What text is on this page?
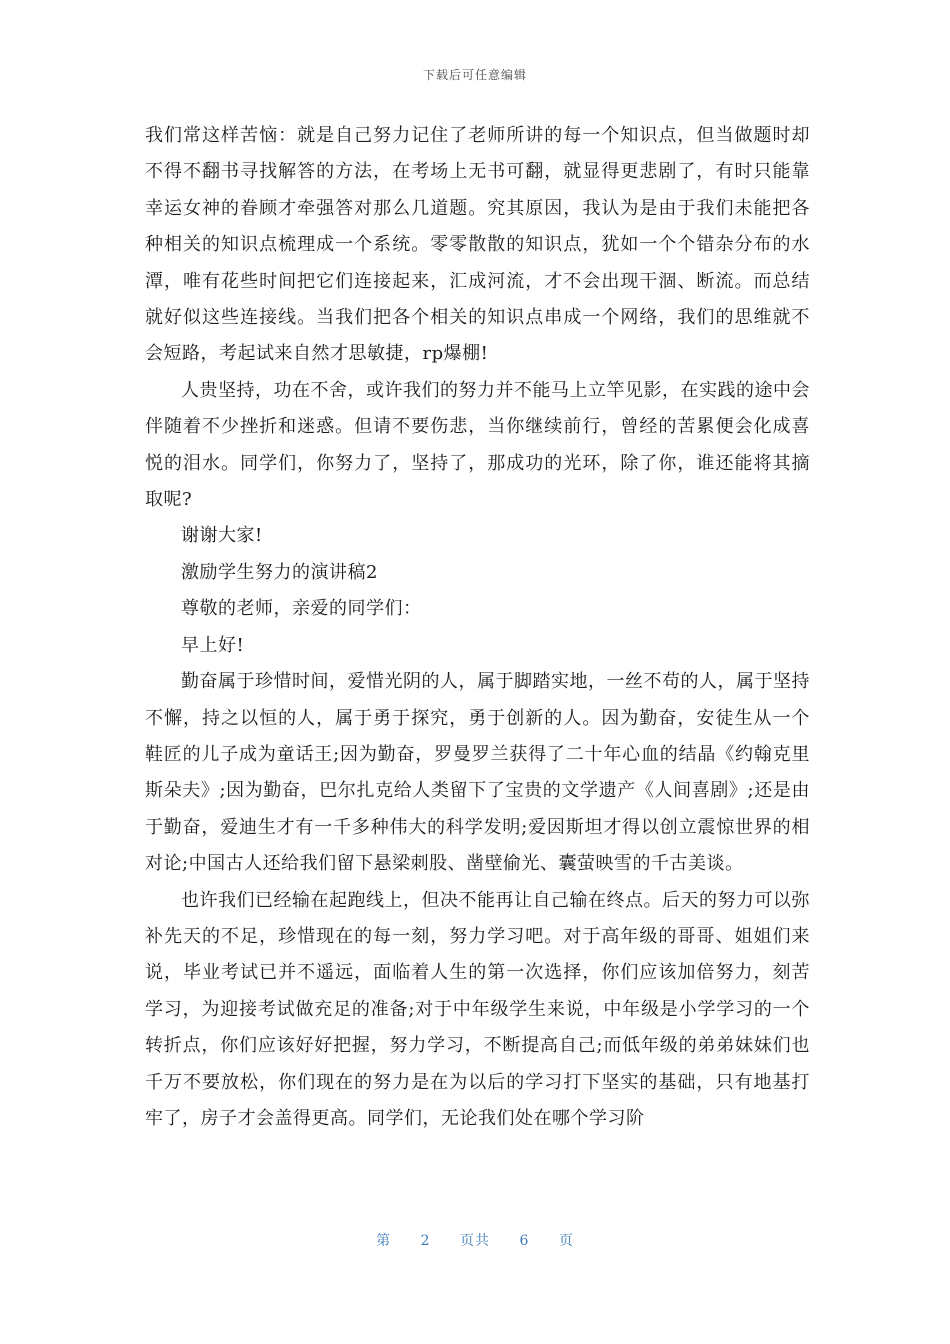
下载后可任意编辑

我们常这样苦恼：就是自己努力记住了老师所讲的每一个知识点，但当做题时却不得不翻书寻找解答的方法，在考场上无书可翻，就显得更悲剧了，有时只能靠幸运女神的眷顾才牵强答对那么几道题。究其原因，我认为是由于我们未能把各种相关的知识点梳理成一个系统。零零散散的知识点，犹如一个个错杂分布的水潭，唯有花些时间把它们连接起来，汇成河流，才不会出现干涸、断流。而总结就好似这些连接线。当我们把各个相关的知识点串成一个网络，我们的思维就不会短路，考起试来自然才思敏捷，rp爆棚!

人贵坚持，功在不舍，或许我们的努力并不能马上立竿见影，在实践的途中会伴随着不少挫折和迷惑。但请不要伤悲，当你继续前行，曾经的苦累便会化成喜悦的泪水。同学们，你努力了，坚持了，那成功的光环，除了你，谁还能将其摘取呢?

谢谢大家!

激励学生努力的演讲稿2

尊敬的老师，亲爱的同学们：

早上好!

勤奋属于珍惜时间，爱惜光阴的人，属于脚踏实地，一丝不苟的人，属于坚持不懈，持之以恒的人，属于勇于探究，勇于创新的人。因为勤奋，安徒生从一个鞋匠的儿子成为童话王;因为勤奋，罗曼罗兰获得了二十年心血的结晶《约翰克里斯朵夫》;因为勤奋，巴尔扎克给人类留下了宝贵的文学遗产《人间喜剧》;还是由于勤奋，爱迪生才有一千多种伟大的科学发明;爱因斯坦才得以创立震惊世界的相对论;中国古人还给我们留下悬梁刺股、凿壁偷光、囊萤映雪的千古美谈。

也许我们已经输在起跑线上，但决不能再让自己输在终点。后天的努力可以弥补先天的不足，珍惜现在的每一刻，努力学习吧。对于高年级的哥哥、姐姐们来说，毕业考试已并不遥远，面临着人生的第一次选择，你们应该加倍努力，刻苦学习，为迎接考试做充足的准备;对于中年级学生来说，中年级是小学学习的一个转折点，你们应该好好把握，努力学习，不断提高自己;而低年级的弟弟妹妹们也千万不要放松，你们现在的努力是在为以后的学习打下坚实的基础，只有地基打牢了，房子才会盖得更高。同学们，无论我们处在哪个学习阶

第 2 页共 6 页
